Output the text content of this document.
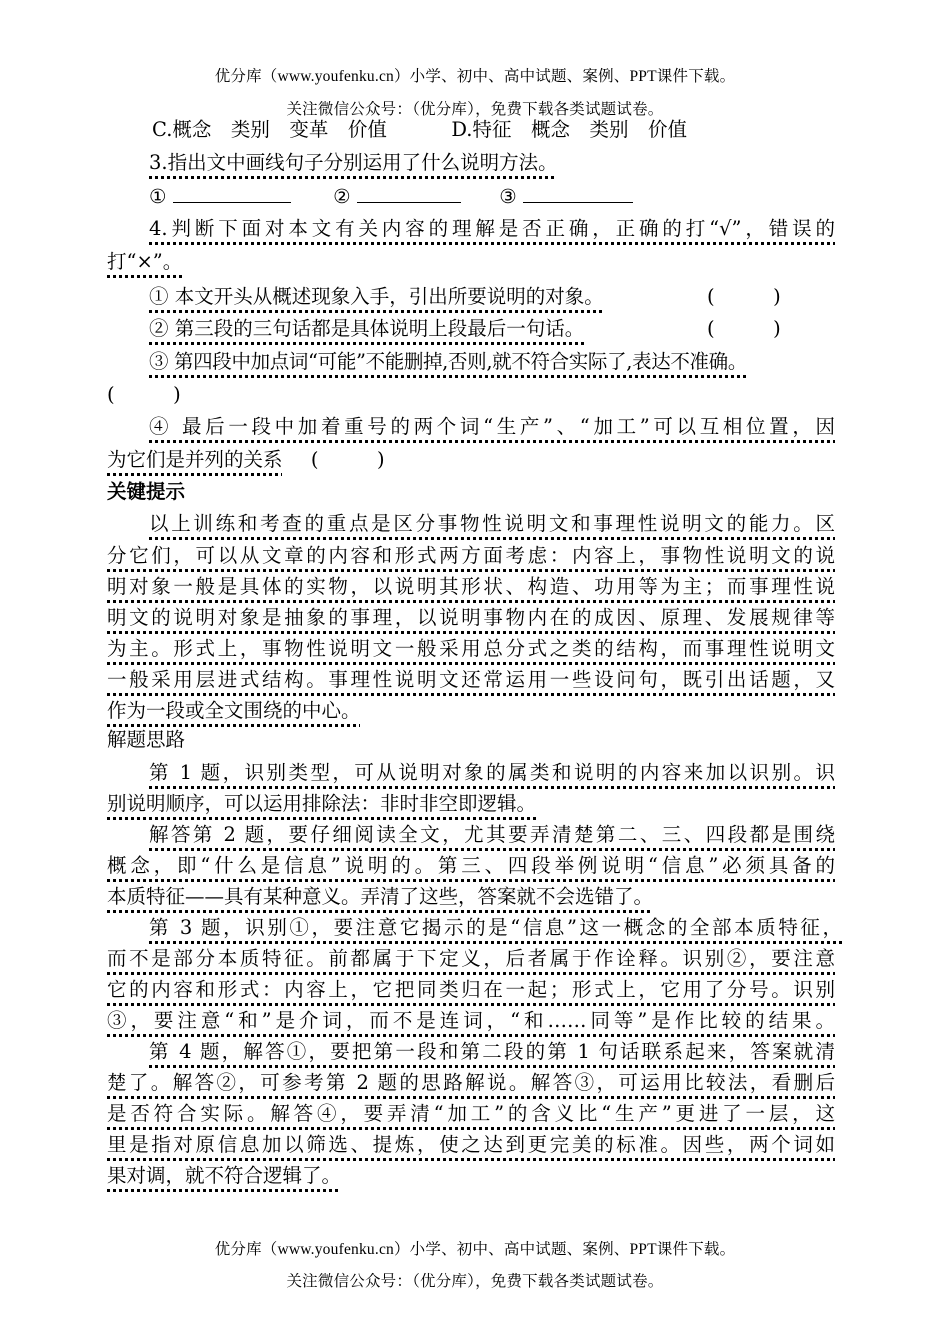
优分库（www.youfenku.cn）小学、初中、高中试题、案例、PPT课件下载。
关注微信公众号：（优分库），免费下载各类试题试卷。
C.概念　类别　变革　价值	D.特征　概念　类别　价值
3.指出文中画线句子分别运用了什么说明方法。
①	②	③
4.判断下面对本文有关内容的理解是否正确，正确的打“√”，错误的
打“×”。
① 本文开头从概述现象入手，引出所要说明的对象。	(　　　)
② 第三段的三句话都是具体说明上段最后一句话。	(　　　)
③ 第四段中加点词“可能”不能删掉,否则,就不符合实际了,表达不准确。
(　　　)
④ 最后一段中加着重号的两个词“生产”、“加工”可以互相位置，因
为它们是并列的关系 (　　　)
关键提示
以上训练和考查的重点是区分事物性说明文和事理性说明文的能力。区
分它们，可以从文章的内容和形式两方面考虑：内容上，事物性说明文的说
明对象一般是具体的实物，以说明其形状、构造、功用等为主；而事理性说
明文的说明对象是抽象的事理，以说明事物内在的成因、原理、发展规律等
为主。形式上，事物性说明文一般采用总分式之类的结构，而事理性说明文
一般采用层进式结构。事理性说明文还常运用一些设问句，既引出话题，又
作为一段或全文围绕的中心。
解题思路
第 1 题，识别类型，可从说明对象的属类和说明的内容来加以识别。识
别说明顺序，可以运用排除法：非时非空即逻辑。
解答第 2 题，要仔细阅读全文，尤其要弄清楚第二、三、四段都是围绕
概念，即“什么是信息”说明的。第三、四段举例说明“信息”必须具备的
本质特征——具有某种意义。弄清了这些，答案就不会选错了。
第 3 题，识别①，要注意它揭示的是“信息”这一概念的全部本质特征，
而不是部分本质特征。前都属于下定义，后者属于作诠释。识别②，要注意
它的内容和形式：内容上，它把同类归在一起；形式上，它用了分号。识别
③，要注意“和”是介词，而不是连词，“和……同等”是作比较的结果。
第 4 题，解答①，要把第一段和第二段的第 1 句话联系起来，答案就清
楚了。解答②，可参考第 2 题的思路解说。解答③，可运用比较法，看删后
是否符合实际。解答④，要弄清“加工”的含义比“生产”更进了一层，这
里是指对原信息加以筛选、提炼，使之达到更完美的标准。因些，两个词如
果对调，就不符合逻辑了。
优分库（www.youfenku.cn）小学、初中、高中试题、案例、PPT课件下载。
关注微信公众号：（优分库），免费下载各类试题试卷。
